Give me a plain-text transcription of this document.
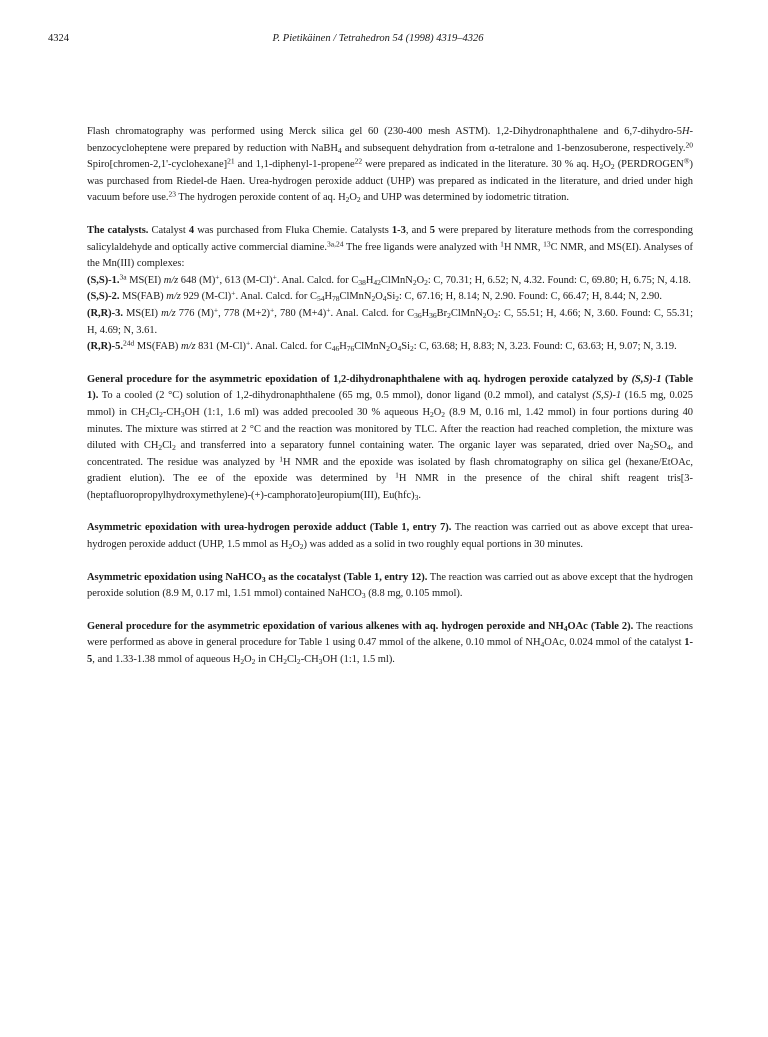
4324	P. Pietikäinen / Tetrahedron 54 (1998) 4319–4326

Flash chromatography was performed using Merck silica gel 60 (230-400 mesh ASTM). 1,2-Dihydronaphthalene and 6,7-dihydro-5H-benzocycloheptene were prepared by reduction with NaBH$_4$ and subsequent dehydration from α-tetralone and 1-benzosuberone, respectively.$^{20}$ Spiro[chromen-2,1'-cyclohexane]$^{21}$ and 1,1-diphenyl-1-propene$^{22}$ were prepared as indicated in the literature. 30 % aq. $H_2O_2$ (PERDROGEN®) was purchased from Riedel-de Haen. Urea-hydrogen peroxide adduct (UHP) was prepared as indicated in the literature, and dried under high vacuum before use.$^{23}$ The hydrogen peroxide content of aq. $H_2O_2$ and UHP was determined by iodometric titration.

The catalysts. Catalyst 4 was purchased from Fluka Chemie. Catalysts 1-3, and 5 were prepared by literature methods from the corresponding salicylaldehyde and optically active commercial diamine.$^{3a,24}$ The free ligands were analyzed with $^1$H NMR, $^{13}$C NMR, and MS(EI). Analyses of the Mn(III) complexes:
(S,S)-1.$^{3a}$ MS(EI) m/z 648 (M)+, 613 (M-Cl)+. Anal. Calcd. for $C_{38}H_{42}ClMnN_2O_2$: C, 70.31; H, 6.52; N, 4.32. Found: C, 69.80; H, 6.75; N, 4.18.
(S,S)-2. MS(FAB) m/z 929 (M-Cl)+. Anal. Calcd. for $C_{54}H_{78}ClMnN_2O_4Si_2$: C, 67.16; H, 8.14; N, 2.90. Found: C, 66.47; H, 8.44; N, 2.90.
(R,R)-3. MS(EI) m/z 776 (M)+, 778 (M+2)+, 780 (M+4)+. Anal. Calcd. for $C_{36}H_{36}Br_2ClMnN_2O_2$: C, 55.51; H, 4.66; N, 3.60. Found: C, 55.31; H, 4.69; N, 3.61.
(R,R)-5.$^{24d}$ MS(FAB) m/z 831 (M-Cl)+. Anal. Calcd. for $C_{46}H_{76}ClMnN_2O_4Si_2$: C, 63.68; H, 8.83; N, 3.23. Found: C, 63.63; H, 9.07; N, 3.19.

General procedure for the asymmetric epoxidation of 1,2-dihydronaphthalene with aq. hydrogen peroxide catalyzed by (S,S)-1 (Table 1). To a cooled (2 °C) solution of 1,2-dihydronaphthalene (65 mg, 0.5 mmol), donor ligand (0.2 mmol), and catalyst (S,S)-1 (16.5 mg, 0.025 mmol) in $CH_2Cl_2-CH_3OH$ (1:1, 1.6 ml) was added precooled 30 % aqueous $H_2O_2$ (8.9 M, 0.16 ml, 1.42 mmol) in four portions during 40 minutes. The mixture was stirred at 2 °C and the reaction was monitored by TLC. After the reaction had reached completion, the mixture was diluted with $CH_2Cl_2$ and transferred into a separatory funnel containing water. The organic layer was separated, dried over $Na_2SO_4$, and concentrated. The residue was analyzed by $^1$H NMR and the epoxide was isolated by flash chromatography on silica gel (hexane/EtOAc, gradient elution). The ee of the epoxide was determined by $^1$H NMR in the presence of the chiral shift reagent tris[3-(heptafluoropropylhydroxymethylene)-(+)-camphorato]europium(III), $Eu(hfc)_3$.

Asymmetric epoxidation with urea-hydrogen peroxide adduct (Table 1, entry 7). The reaction was carried out as above except that urea-hydrogen peroxide adduct (UHP, 1.5 mmol as $H_2O_2$) was added as a solid in two roughly equal portions in 30 minutes.

Asymmetric epoxidation using NaHCO$_3$ as the cocatalyst (Table 1, entry 12). The reaction was carried out as above except that the hydrogen peroxide solution (8.9 M, 0.17 ml, 1.51 mmol) contained NaHCO$_3$ (8.8 mg, 0.105 mmol).

General procedure for the asymmetric epoxidation of various alkenes with aq. hydrogen peroxide and $NH_4OAc$ (Table 2). The reactions were performed as above in general procedure for Table 1 using 0.47 mmol of the alkene, 0.10 mmol of $NH_4OAc$, 0.024 mmol of the catalyst 1-5, and 1.33-1.38 mmol of aqueous $H_2O_2$ in $CH_2Cl_2-CH_3OH$ (1:1, 1.5 ml).
